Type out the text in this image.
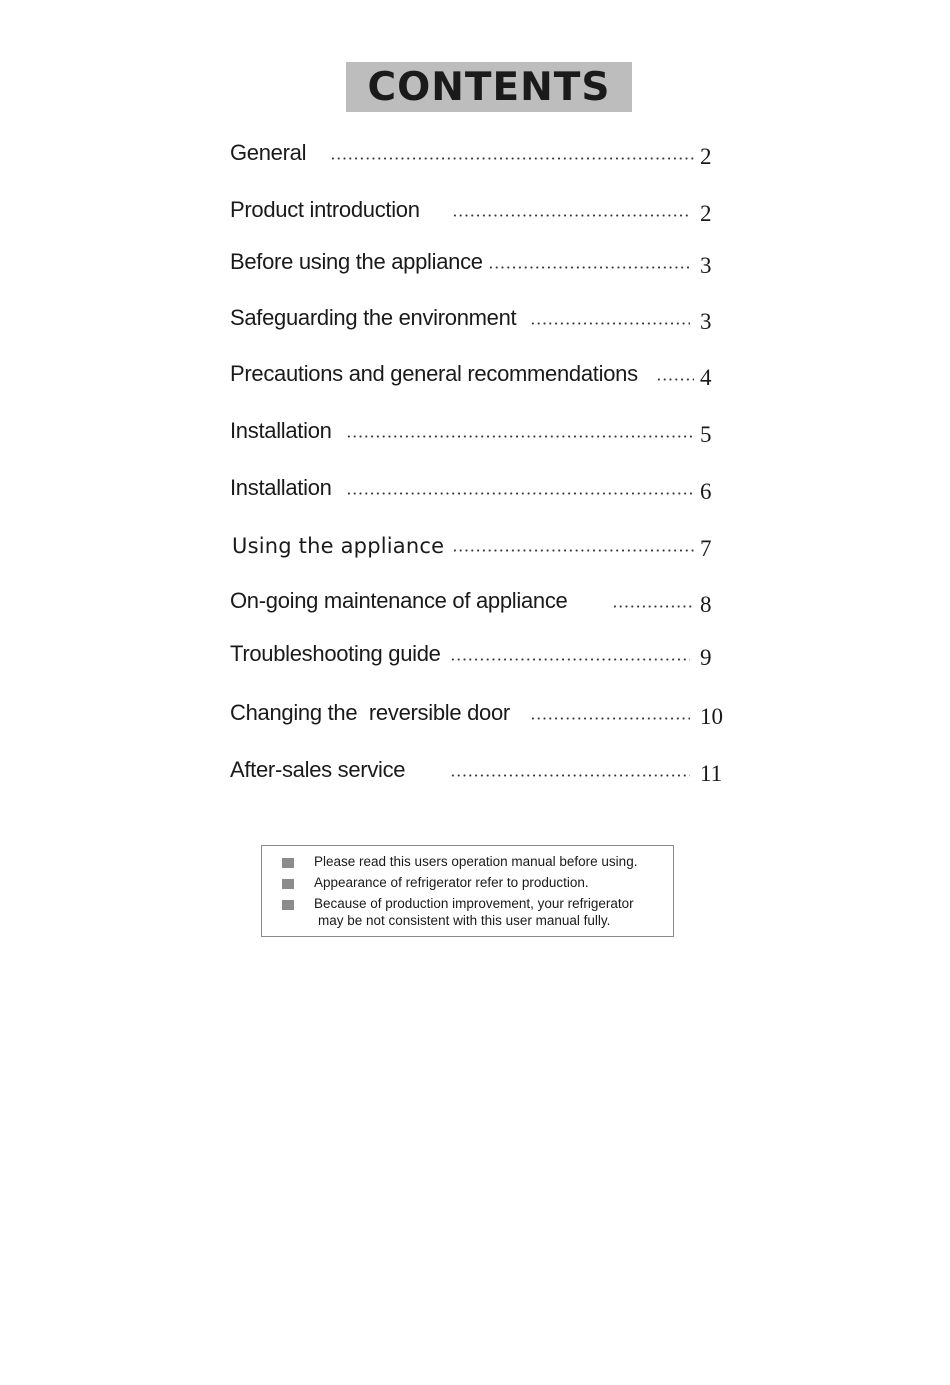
CONTENTS
General	2
Product introduction	2
Before using the appliance	3
Safeguarding the environment	3
Precautions and general recommendations	4
Installation	5
Installation	6
Using the appliance	7
On-going maintenance of appliance	8
Troubleshooting guide	9
Changing the  reversible door	10
After-sales service	11
Please read this users operation manual before using.
Appearance of refrigerator refer to production.
Because of production improvement, your refrigerator
may be not consistent with this user manual fully.
